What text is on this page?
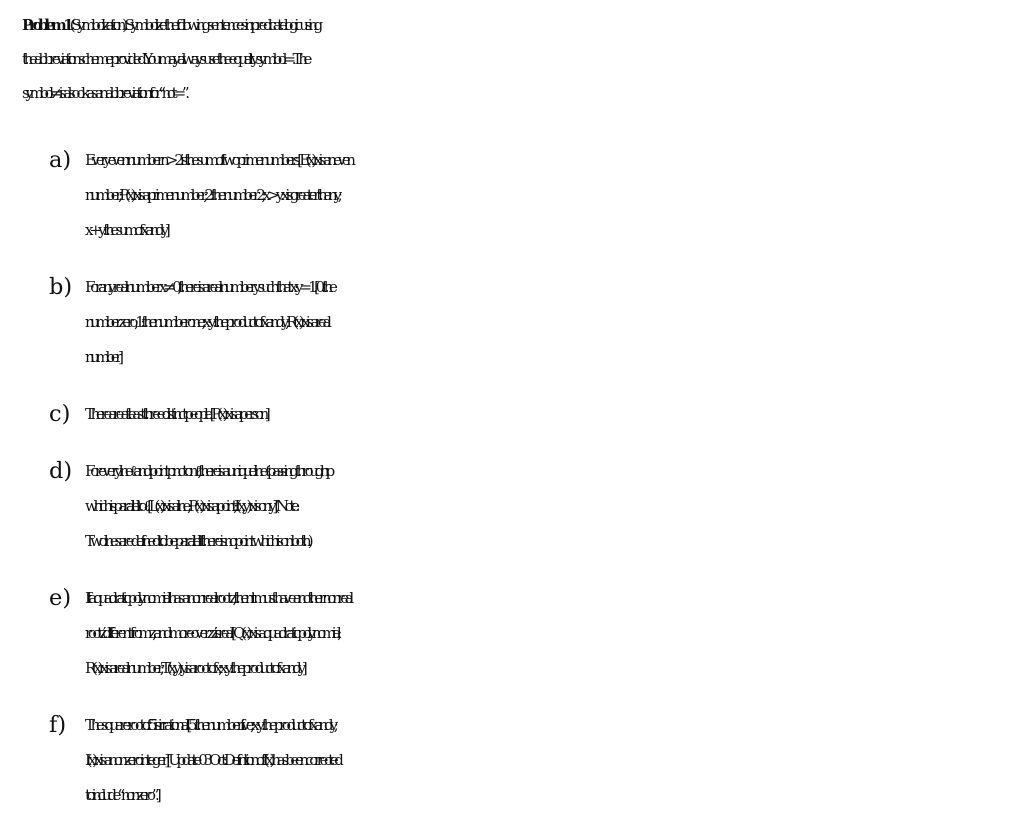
Problem 1 (Symbolization). Symbolize the following sentences in predicate logic using
the abbreviation scheme provided. You may always use the equality symbol =. The
symbol ≠ is also ok as an abbreviation for “not =”.
a) Every even number n > 2 is the sum of two prime numbers. [ E(x): x is an even
number; P(x): x is a prime number; 2: the number 2; x > y: x is greater than y;
x + y: the sum of x and y]
b) For any real number x ≠ 0, there is a real number y such that x · y = 1. [0: the
number zero; 1: the number one; x · y: the product of x and y; R(x): x is a real
number]
c) There are at least three distinct people. [P(x): x is a person]
d) For every line ℓ and point p not on ℓ, there is a unique line ℓ′ passing through p
which is parallel to ℓ. [L(x): x is a line; P(x): x is a point; I(x, y): x is on y] (Note:
Two lines are defined to be parallel if there is no point which is on both.)
e) If a quadratic polynomial has a nonreal root z, then it must have another nonreal
root z′ different from z, and moreover zz′ is real. [ Q(x): x is a quadratic polynomial;
R(x): x is a real number; T(x, y): y is a root of x; x · y: the product of x and y]
f) The square-root of 5 is irrational. [5: the number five; x · y: the product of x and y;
I(x): x is a nonzero integer] [ Update 03 Oct: Definition of I(x) has been corrected
to include “nonzero”. ]
